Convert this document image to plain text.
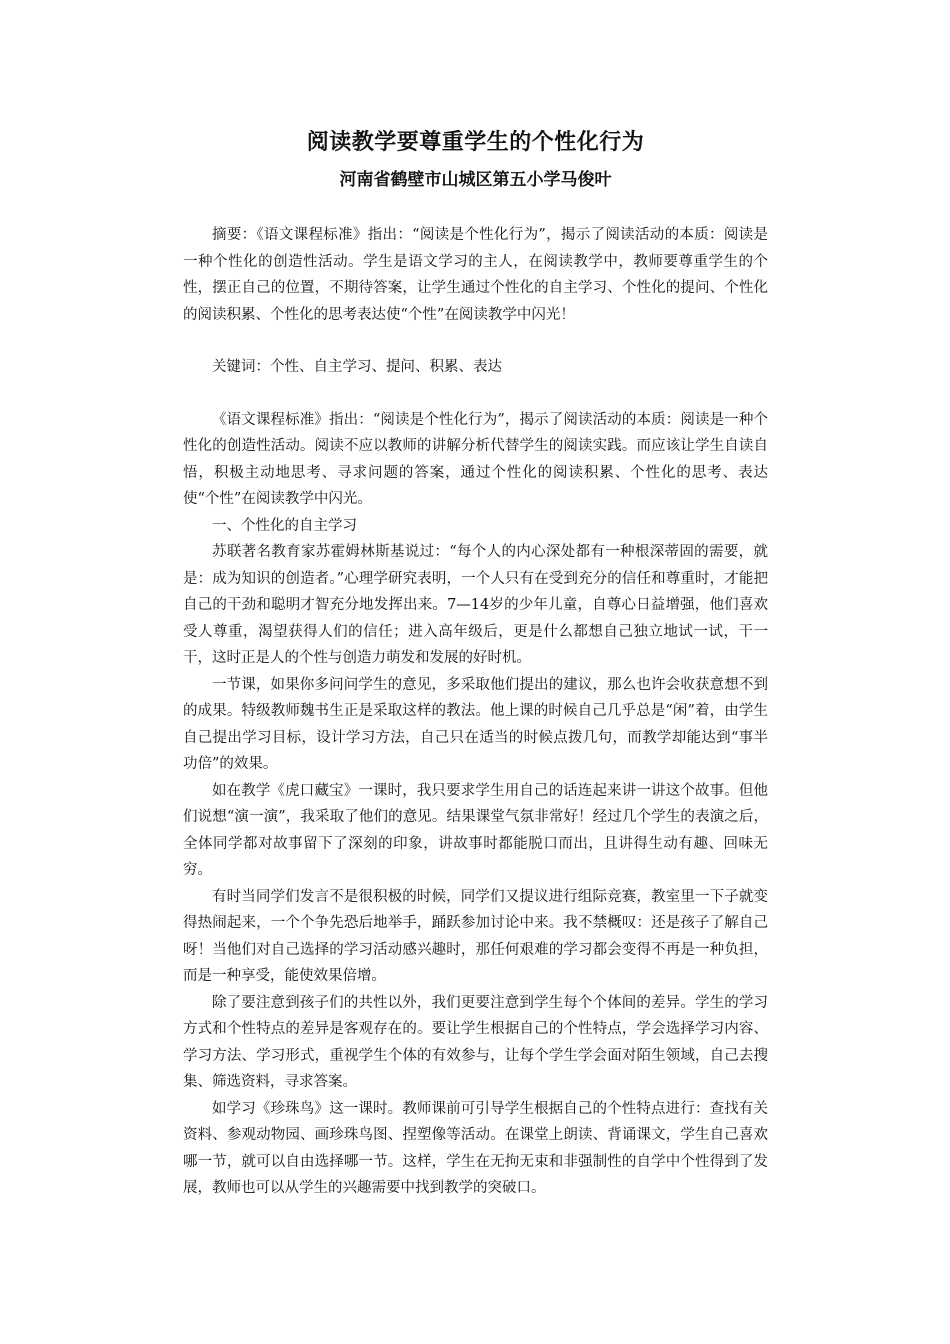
阅读教学要尊重学生的个性化行为
河南省鹤壁市山城区第五小学马俊叶

摘要：《语文课程标准》指出：“阅读是个性化行为”，揭示了阅读活动的本质：阅读是一种个性化的创造性活动。学生是语文学习的主人，在阅读教学中，教师要尊重学生的个性，摆正自己的位置，不期待答案，让学生通过个性化的自主学习、个性化的提问、个性化的阅读积累、个性化的思考表达使“个性”在阅读教学中闪光！

关键词：个性、自主学习、提问、积累、表达

《语文课程标准》指出：“阅读是个性化行为”，揭示了阅读活动的本质：阅读是一种个性化的创造性活动。阅读不应以教师的讲解分析代替学生的阅读实践。而应该让学生自读自悟，积极主动地思考、寻求问题的答案，通过个性化的阅读积累、个性化的思考、表达使“个性”在阅读教学中闪光。

一、个性化的自主学习

苏联著名教育家苏霍姆林斯基说过：“每个人的内心深处都有一种根深蒂固的需要，就是：成为知识的创造者。”心理学研究表明，一个人只有在受到充分的信任和尊重时，才能把自己的干劲和聪明才智充分地发挥出来。7—14岁的少年儿童，自尊心日益增强，他们喜欢受人尊重，渴望获得人们的信任；进入高年级后，更是什么都想自己独立地试一试，干一干，这时正是人的个性与创造力萌发和发展的好时机。

一节课，如果你多问问学生的意见，多采取他们提出的建议，那么也许会收获意想不到的成果。特级教师魏书生正是采取这样的教法。他上课的时候自己几乎总是“闲”着，由学生自己提出学习目标，设计学习方法，自己只在适当的时候点拨几句，而教学却能达到“事半功倍”的效果。

如在教学《虎口藏宝》一课时，我只要求学生用自己的话连起来讲一讲这个故事。但他们说想“演一演”，我采取了他们的意见。结果课堂气氛非常好！经过几个学生的表演之后，全体同学都对故事留下了深刻的印象，讲故事时都能脱口而出，且讲得生动有趣、回味无穷。

有时当同学们发言不是很积极的时候，同学们又提议进行组际竞赛，教室里一下子就变得热闹起来，一个个争先恐后地举手，踊跃参加讨论中来。我不禁概叹：还是孩子了解自己呀！当他们对自己选择的学习活动感兴趣时，那任何艰难的学习都会变得不再是一种负担，而是一种享受，能使效果倍增。

除了要注意到孩子们的共性以外，我们更要注意到学生每个个体间的差异。学生的学习方式和个性特点的差异是客观存在的。要让学生根据自己的个性特点，学会选择学习内容、学习方法、学习形式，重视学生个体的有效参与，让每个学生学会面对陌生领域，自己去搜集、筛选资料，寻求答案。

如学习《珍珠鸟》这一课时。教师课前可引导学生根据自己的个性特点进行：查找有关资料、参观动物园、画珍珠鸟图、捏塑像等活动。在课堂上朗读、背诵课文，学生自己喜欢哪一节，就可以自由选择哪一节。这样，学生在无拘无束和非强制性的自学中个性得到了发展，教师也可以从学生的兴趣需要中找到教学的突破口。
